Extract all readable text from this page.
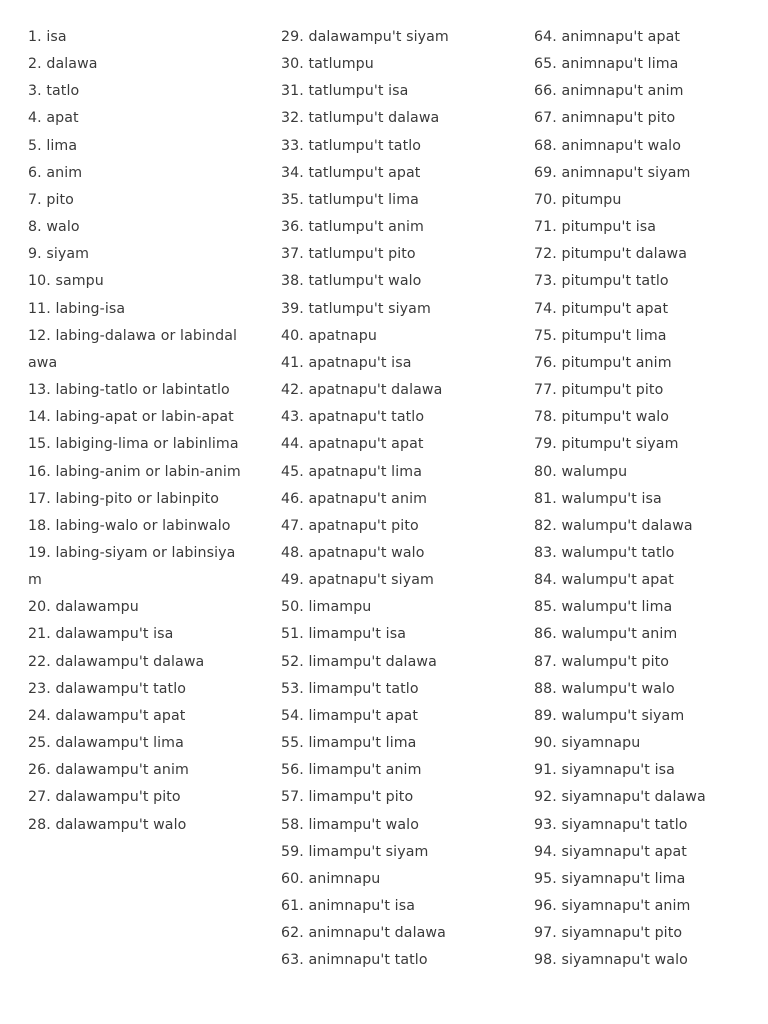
1. isa
2. dalawa
3. tatlo
4. apat
5. lima
6. anim
7. pito
8. walo
9. siyam
10. sampu
11. labing-isa
12. labing-dalawa or labindalawa
13. labing-tatlo or labintatlo
14. labing-apat or labin-apat
15. labiging-lima or labinlima
16. labing-anim or labin-anim
17. labing-pito or labinpito
18. labing-walo or labinwalo
19. labing-siyam or labinsiyam
20. dalawampu
21. dalawampu't isa
22. dalawampu't dalawa
23. dalawampu't tatlo
24. dalawampu't apat
25. dalawampu't lima
26. dalawampu't anim
27. dalawampu't pito
28. dalawampu't walo
29. dalawampu't siyam
30. tatlumpu
31. tatlumpu't isa
32. tatlumpu't dalawa
33. tatlumpu't tatlo
34. tatlumpu't apat
35. tatlumpu't lima
36. tatlumpu't anim
37. tatlumpu't pito
38. tatlumpu't walo
39. tatlumpu't siyam
40. apatnapu
41. apatnapu't isa
42. apatnapu't dalawa
43. apatnapu't tatlo
44. apatnapu't apat
45. apatnapu't lima
46. apatnapu't anim
47. apatnapu't pito
48. apatnapu't walo
49. apatnapu't siyam
50. limampu
51. limampu't isa
52. limampu't dalawa
53. limampu't tatlo
54. limampu't apat
55. limampu't lima
56. limampu't anim
57. limampu't pito
58. limampu't walo
59. limampu't siyam
60. animnapu
61. animnapu't isa
62. animnapu't dalawa
63. animnapu't tatlo
64. animnapu't apat
65. animnapu't lima
66. animnapu't anim
67. animnapu't pito
68. animnapu't walo
69. animnapu't siyam
70. pitumpu
71. pitumpu't isa
72. pitumpu't dalawa
73. pitumpu't tatlo
74. pitumpu't apat
75. pitumpu't lima
76. pitumpu't anim
77. pitumpu't pito
78. pitumpu't walo
79. pitumpu't siyam
80. walumpu
81. walumpu't isa
82. walumpu't dalawa
83. walumpu't tatlo
84. walumpu't apat
85. walumpu't lima
86. walumpu't anim
87. walumpu't pito
88. walumpu't walo
89. walumpu't siyam
90. siyamnapu
91. siyamnapu't isa
92. siyamnapu't dalawa
93. siyamnapu't tatlo
94. siyamnapu't apat
95. siyamnapu't lima
96. siyamnapu't anim
97. siyamnapu't pito
98. siyamnapu't walo
